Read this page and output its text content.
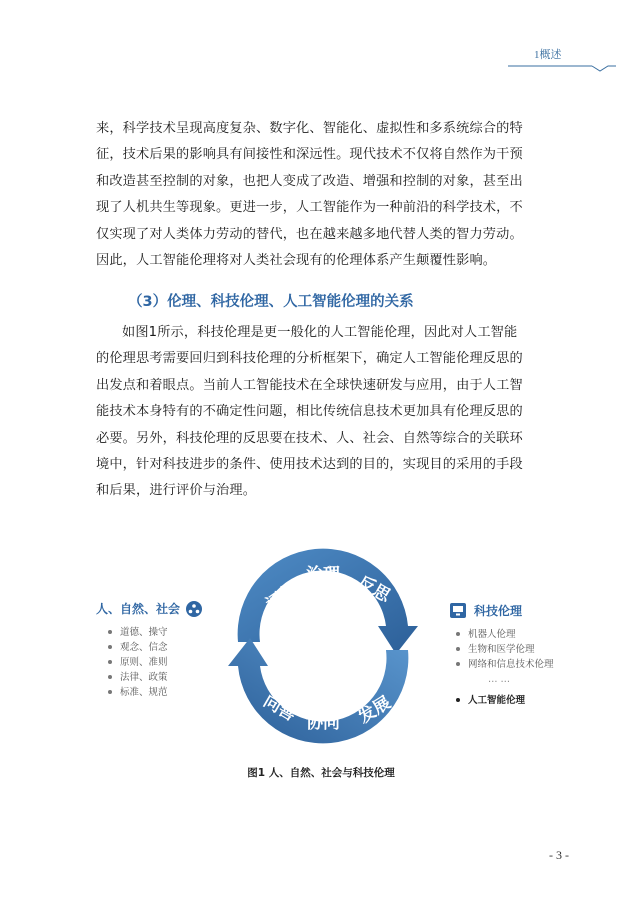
1概述
来，科学技术呈现高度复杂、数字化、智能化、虚拟性和多系统综合的特
征，技术后果的影响具有间接性和深远性。现代技术不仅将自然作为干预
和改造甚至控制的对象，也把人变成了改造、增强和控制的对象，甚至出
现了人机共生等现象。更进一步，人工智能作为一种前沿的科学技术，不
仅实现了对人类体力劳动的替代，也在越来越多地代替人类的智力劳动。
因此，人工智能伦理将对人类社会现有的伦理体系产生颠覆性影响。
（3）伦理、科技伦理、人工智能伦理的关系
如图1所示，科技伦理是更一般化的人工智能伦理，因此对人工智能
的伦理思考需要回归到科技伦理的分析框架下，确定人工智能伦理反思的
出发点和着眼点。当前人工智能技术在全球快速研发与应用，由于人工智
能技术本身特有的不确定性问题，相比传统信息技术更加具有伦理反思的
必要。另外，科技伦理的反思要在技术、人、社会、自然等综合的关联环
境中，针对科技进步的条件、使用技术达到的目的，实现目的采用的手段
和后果，进行评价与治理。
评估
治理 反思
向善 协同 发展
人、自然、社会
道德、操守
观念、信念
原则、准则
法律、政策
标准、规范
科技伦理
机器人伦理
生物和医学伦理
网络和信息技术伦理
… …
人工智能伦理
图1 人、自然、社会与科技伦理
- 3 -
